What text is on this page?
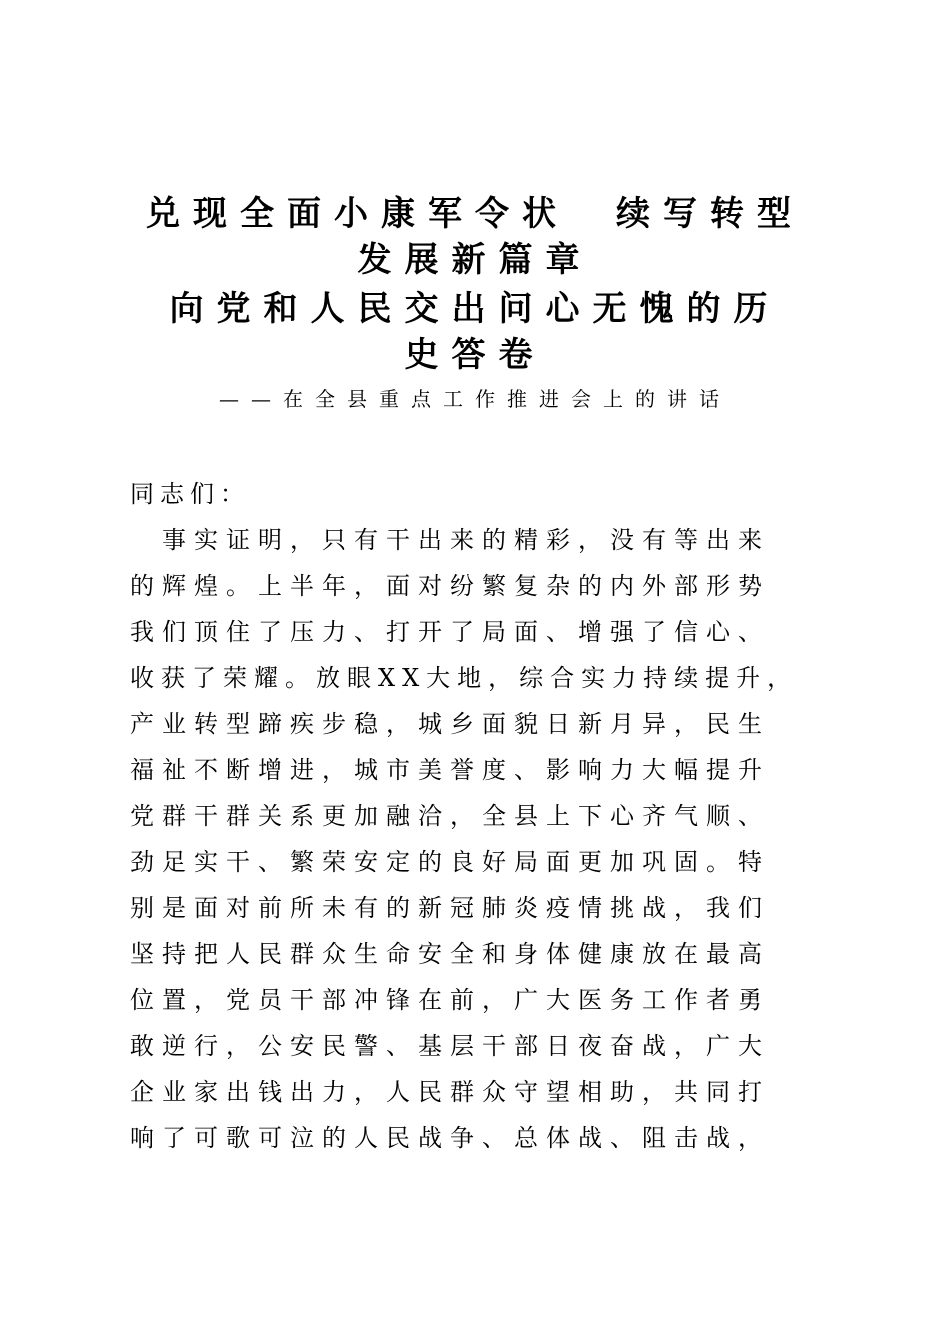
兑现全面小康军令状　续写转型
发展新篇章
向党和人民交出问心无愧的历
史答卷
——在全县重点工作推进会上的讲话
同志们：
　事实证明，只有干出来的精彩，没有等出来
的辉煌。上半年，面对纷繁复杂的内外部形势
我们顶住了压力、打开了局面、增强了信心、
收获了荣耀。放眼XX大地，综合实力持续提升，
产业转型蹄疾步稳，城乡面貌日新月异，民生
福祉不断增进，城市美誉度、影响力大幅提升
党群干群关系更加融洽，全县上下心齐气顺、
劲足实干、繁荣安定的良好局面更加巩固。特
别是面对前所未有的新冠肺炎疫情挑战，我们
坚持把人民群众生命安全和身体健康放在最高
位置，党员干部冲锋在前，广大医务工作者勇
敢逆行，公安民警、基层干部日夜奋战，广大
企业家出钱出力，人民群众守望相助，共同打
响了可歌可泣的人民战争、总体战、阻击战，
